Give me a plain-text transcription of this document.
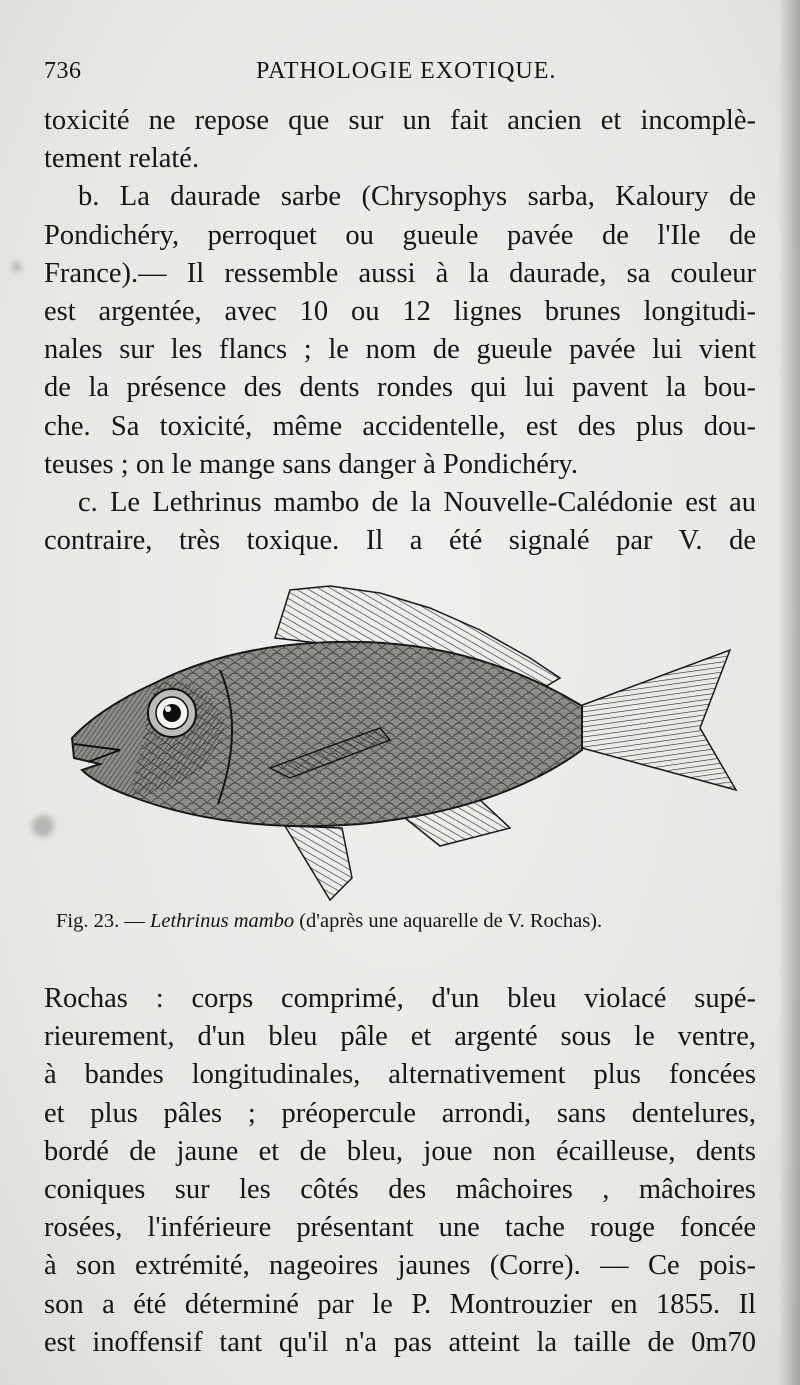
736	PATHOLOGIE EXOTIQUE.
toxicité ne repose que sur un fait ancien et incomplè-
tement relaté.
b. La daurade sarbe (Chrysophys sarba, Kaloury de
Pondichéry, perroquet ou gueule pavée de l'Ile de
France).— Il ressemble aussi à la daurade, sa couleur
est argentée, avec 10 ou 12 lignes brunes longitudi-
nales sur les flancs ; le nom de gueule pavée lui vient
de la présence des dents rondes qui lui pavent la bou-
che. Sa toxicité, même accidentelle, est des plus dou-
teuses ; on le mange sans danger à Pondichéry.
c. Le Lethrinus mambo de la Nouvelle-Calédonie est au
contraire, très toxique. Il a été signalé par V. de
Fig. 23. — Lethrinus mambo (d'après une aquarelle de V. Rochas).
Rochas : corps comprimé, d'un bleu violacé supé-
rieurement, d'un bleu pâle et argenté sous le ventre,
à bandes longitudinales, alternativement plus foncées
et plus pâles ; préopercule arrondi, sans dentelures,
bordé de jaune et de bleu, joue non écailleuse, dents
coniques sur les côtés des mâchoires , mâchoires
rosées, l'inférieure présentant une tache rouge foncée
à son extrémité, nageoires jaunes (Corre). — Ce pois-
son a été déterminé par le P. Montrouzier en 1855. Il
est inoffensif tant qu'il n'a pas atteint la taille de 0m70
